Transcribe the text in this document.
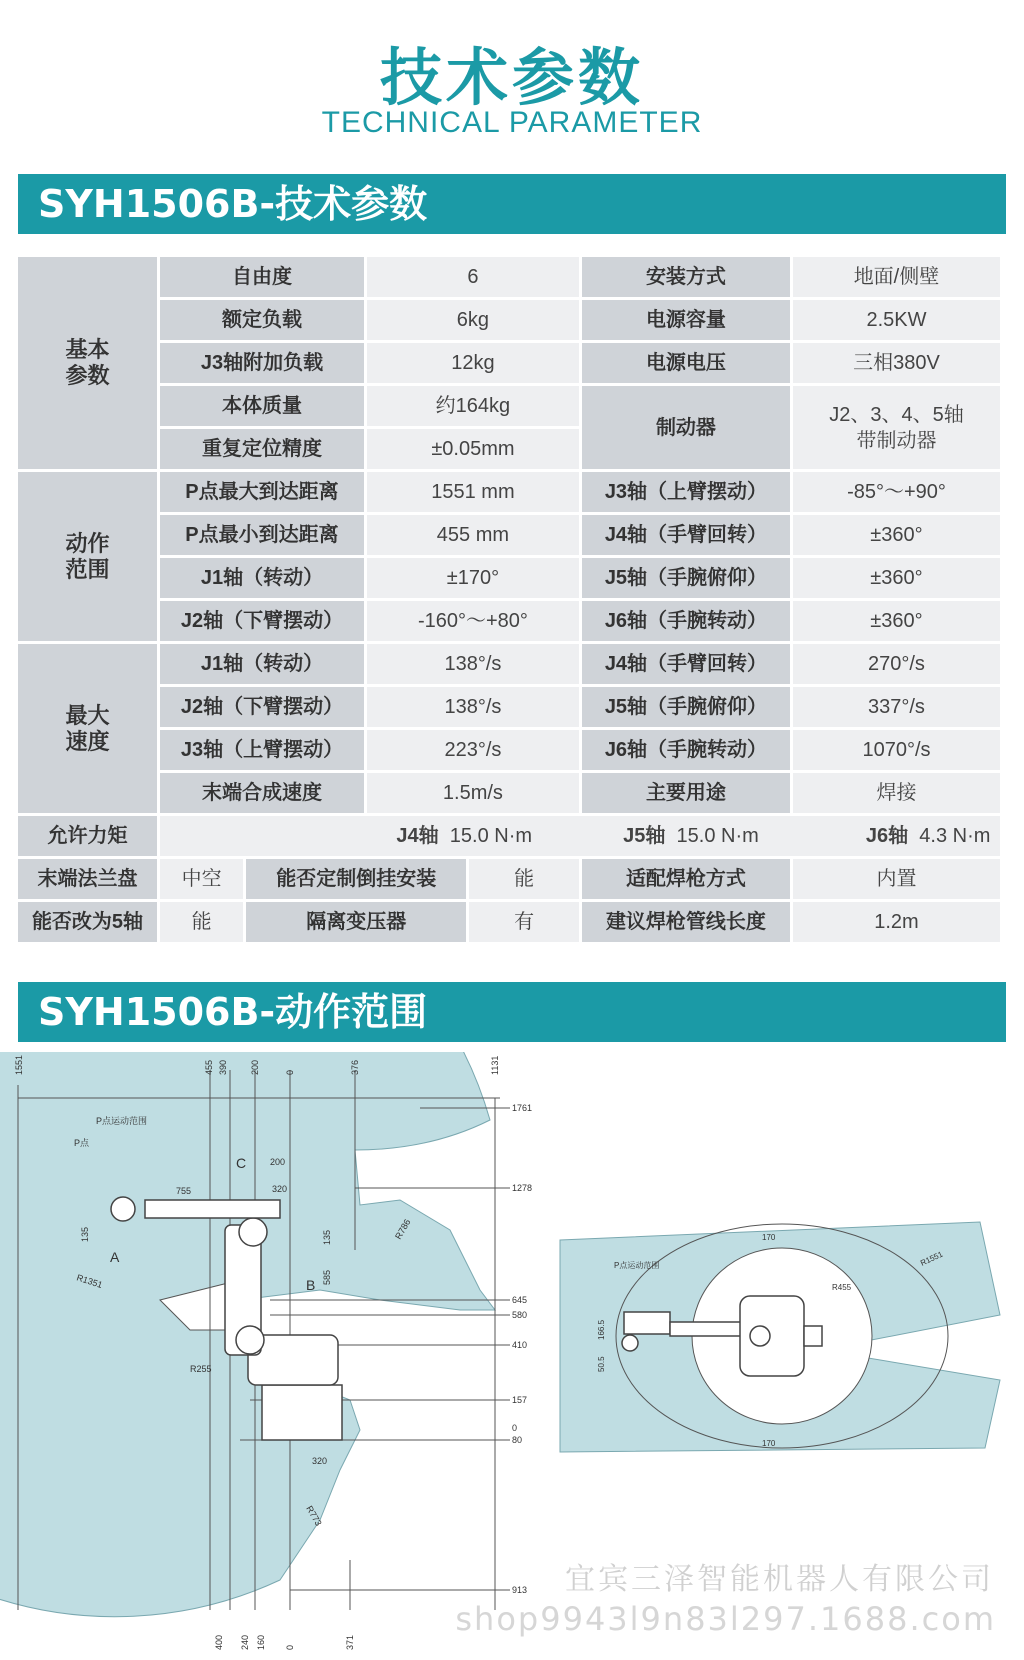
技术参数
TECHNICAL PARAMETER
SYH1506B-技术参数
基本
参数	自由度		6		安装方式	地面/侧壁
	额定负载		6kg		电源容量	2.5KW
	J3轴附加负载		12kg		电源电压	三相380V
	本体质量		约164kg		制动器	J2、3、4、5轴
带制动器
	重复定位精度		±0.05mm			
动作
范围	P点最大到达距离		1551 mm		J3轴（上臂摆动）	-85°～+90°
	P点最小到达距离		455 mm		J4轴（手臂回转）	±360°
	J1轴（转动）		±170°		J5轴（手腕俯仰）	±360°
	J2轴（下臂摆动）		-160°～+80°		J6轴（手腕转动）	±360°
最大
速度	J1轴（转动）		138°/s		J4轴（手臂回转）	270°/s
	J2轴（下臂摆动）		138°/s		J5轴（手腕俯仰）	337°/s
	J3轴（上臂摆动）		223°/s		J6轴（手腕转动）	1070°/s
	末端合成速度		1.5m/s		主要用途	焊接
允许力矩	J4轴 15.0 N·m J5轴 15.0 N·m J6轴 4.3 N·m					
末端法兰盘	中空	能否定制倒挂安装		能	适配焊枪方式	内置
能否改为5轴	能	隔离变压器		有	建议焊枪管线长度	1.2m
SYH1506B-动作范围
1551	455 390 200	0	376	1131
1761
1278
645
580
410
157
0
80
913
400 240 160 0	371
P点运动范围
P点
C
B
A
755
200
320
135	135
585
R1351
R786
R255
320
R773
P点运动范围
170
170
R455
R1551
166.5
50.5
宜宾三泽智能机器人有限公司
shop9943l9n83l297.1688.com
